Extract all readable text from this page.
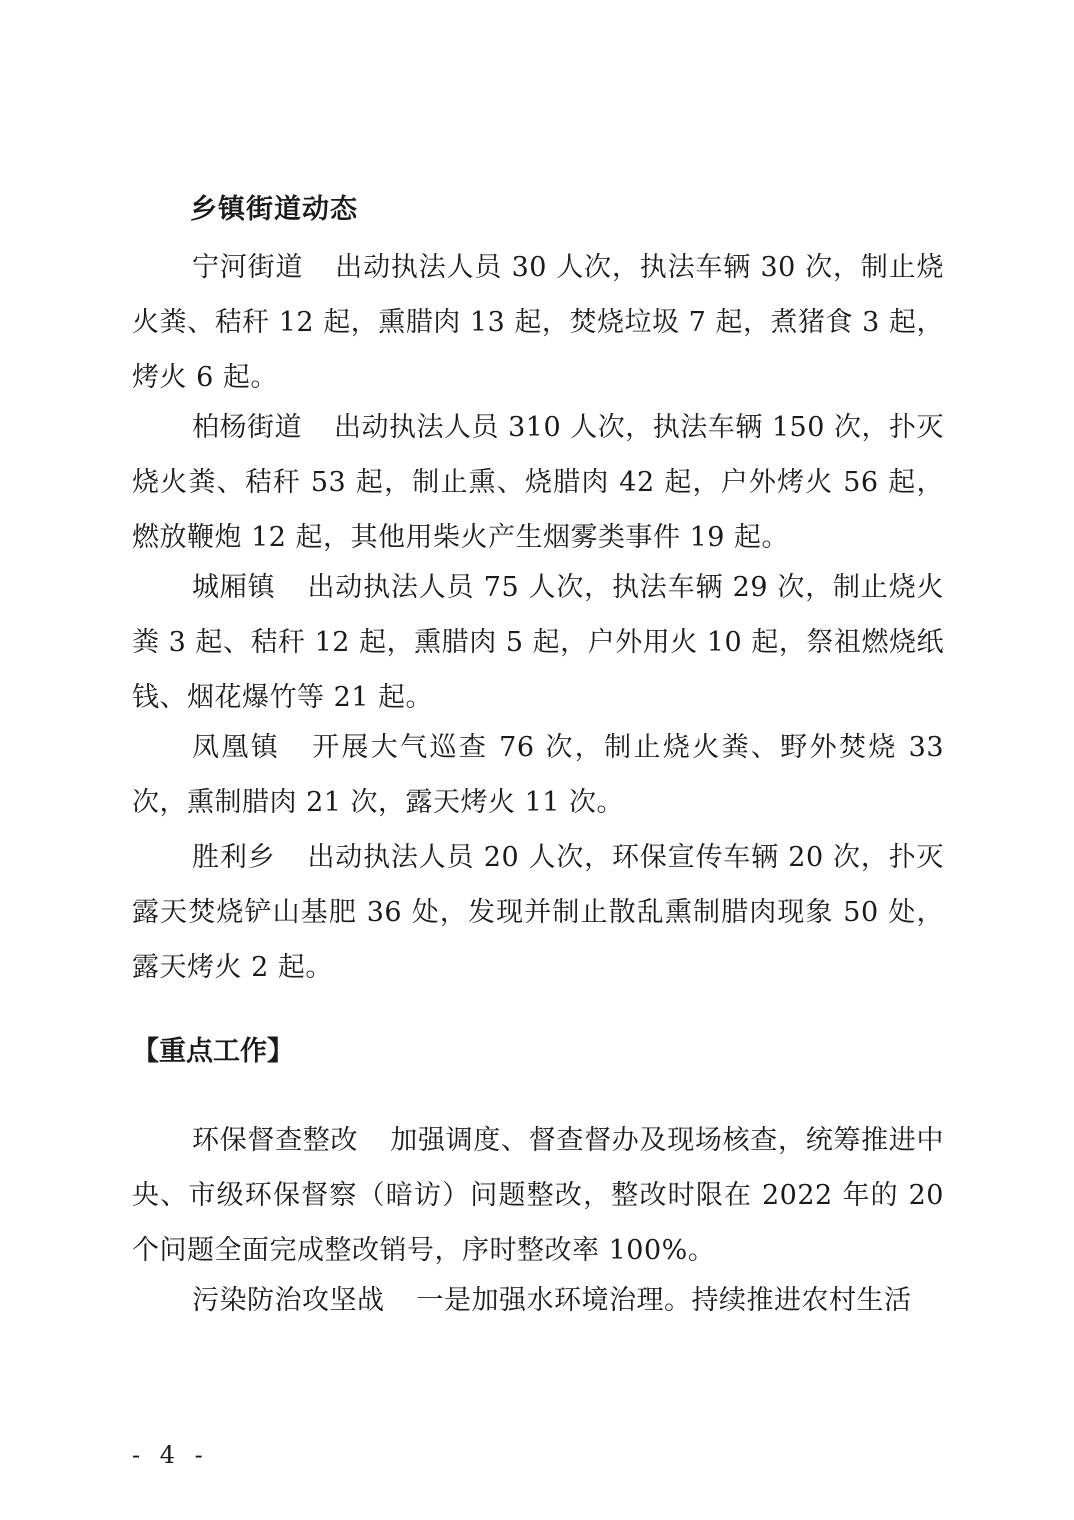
乡镇街道动态

宁河街道 出动执法人员 30 人次，执法车辆 30 次，制止烧火粪、秸秆 12 起，熏腊肉 13 起，焚烧垃圾 7 起，煮猪食 3 起，烤火 6 起。

柏杨街道 出动执法人员 310 人次，执法车辆 150 次，扑灭烧火粪、秸秆 53 起，制止熏、烧腊肉 42 起，户外烤火 56 起，燃放鞭炮 12 起，其他用柴火产生烟雾类事件 19 起。

城厢镇 出动执法人员 75 人次，执法车辆 29 次，制止烧火粪 3 起、秸秆 12 起，熏腊肉 5 起，户外用火 10 起，祭祖燃烧纸钱、烟花爆竹等 21 起。

凤凰镇 开展大气巡查 76 次，制止烧火粪、野外焚烧 33 次，熏制腊肉 21 次，露天烤火 11 次。

胜利乡 出动执法人员 20 人次，环保宣传车辆 20 次，扑灭露天焚烧铲山基肥 36 处，发现并制止散乱熏制腊肉现象 50 处，露天烤火 2 起。

【重点工作】

环保督查整改 加强调度、督查督办及现场核查，统筹推进中央、市级环保督察（暗访）问题整改，整改时限在 2022 年的 20 个问题全面完成整改销号，序时整改率 100%。

污染防治攻坚战 一是加强水环境治理。持续推进农村生活

- 4 -
